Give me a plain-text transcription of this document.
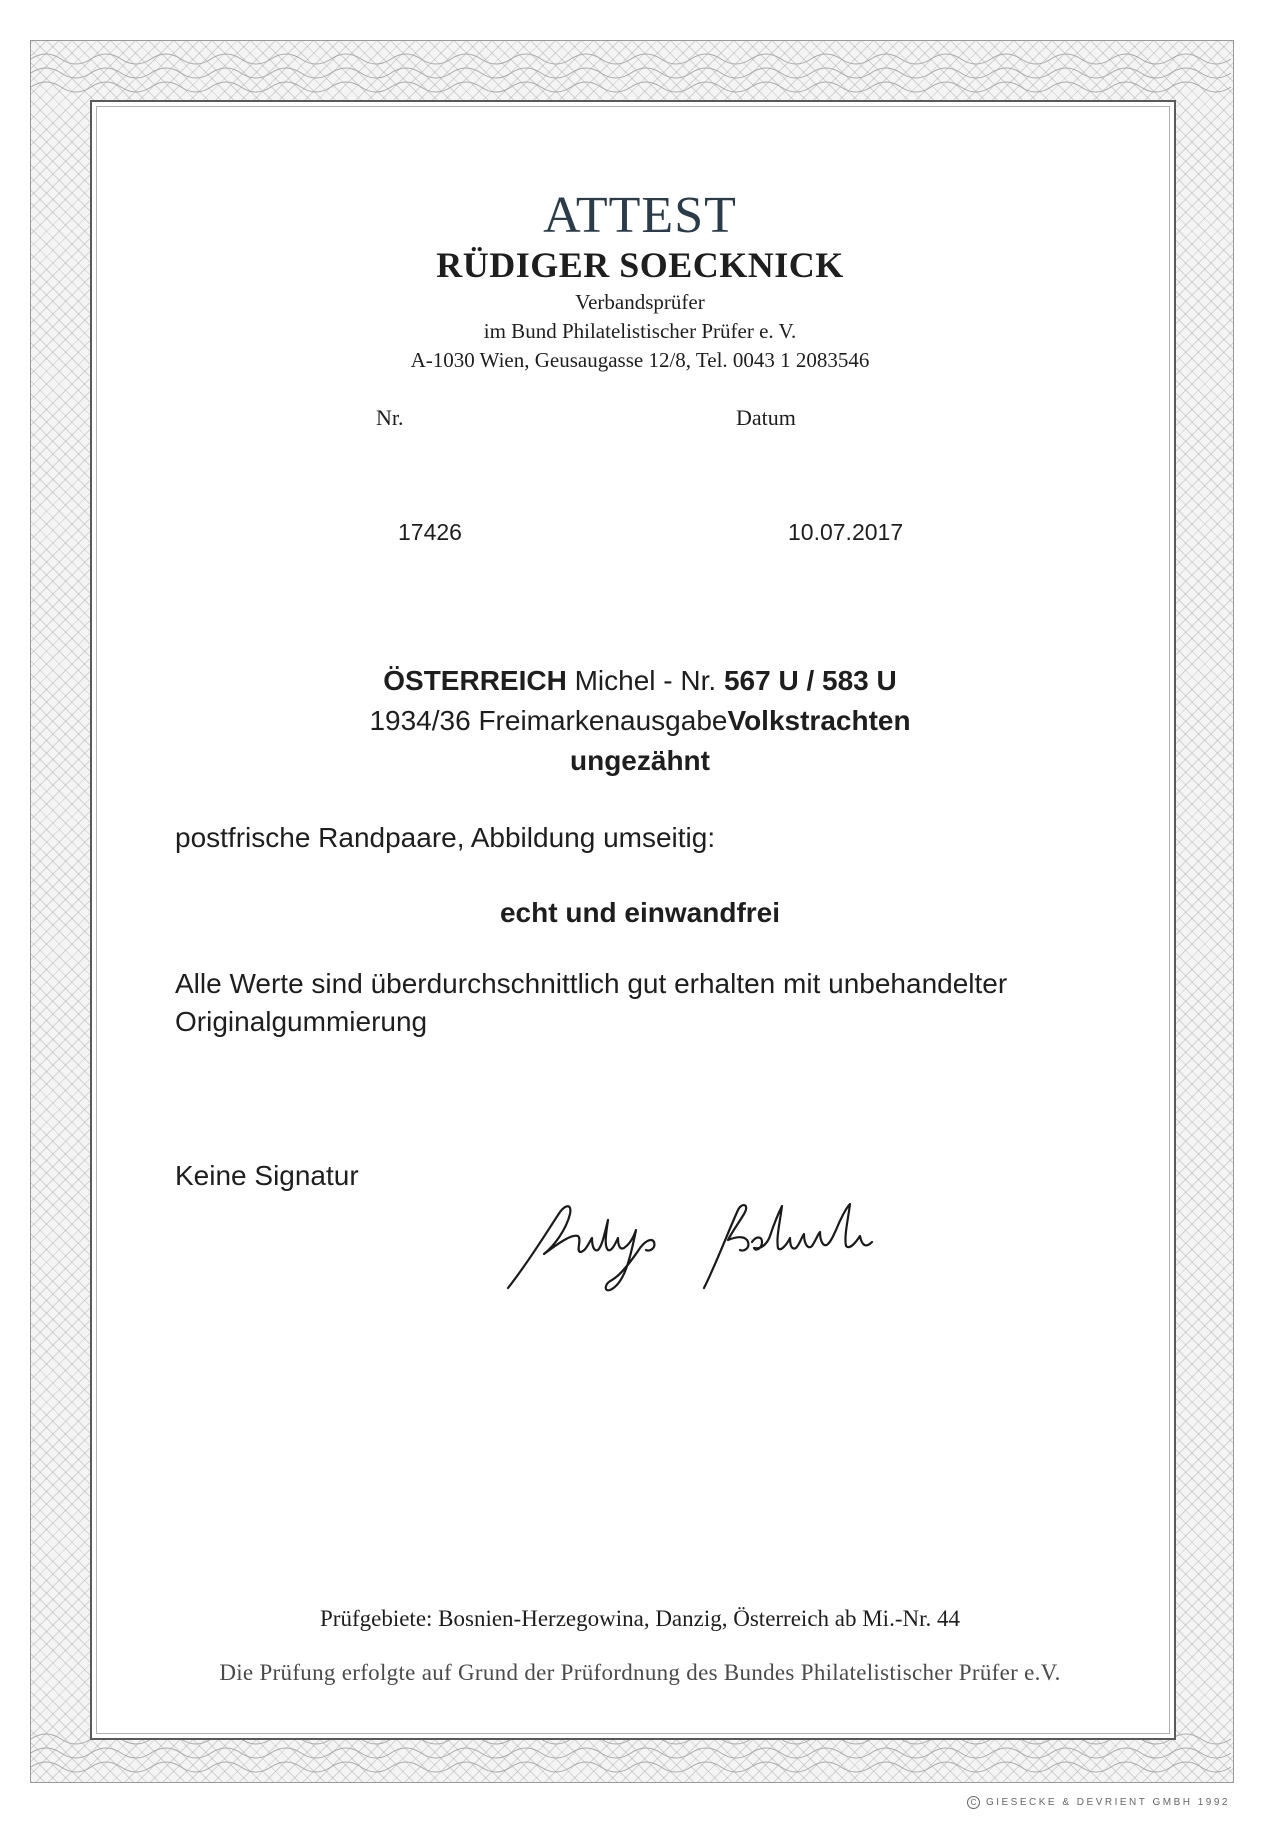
ATTEST
RÜDIGER SOECKNICK
Verbandsprüfer
im Bund Philatelistischer Prüfer e. V.
A-1030 Wien, Geusaugasse 12/8, Tel. 0043 1 2083546
Nr.	Datum
17426	10.07.2017
ÖSTERREICH Michel - Nr. 567 U / 583 U
1934/36 FreimarkenausgabeVolkstrachten
ungezähnt
postfrische Randpaare, Abbildung umseitig:
echt und einwandfrei
Alle Werte sind überdurchschnittlich gut erhalten mit unbehandelter
Originalgummierung
Keine Signatur
Prüfgebiete: Bosnien-Herzegowina, Danzig, Österreich ab Mi.-Nr. 44
Die Prüfung erfolgte auf Grund der Prüfordnung des Bundes Philatelistischer Prüfer e.V.
C GIESECKE & DEVRIENT GMBH 1992
